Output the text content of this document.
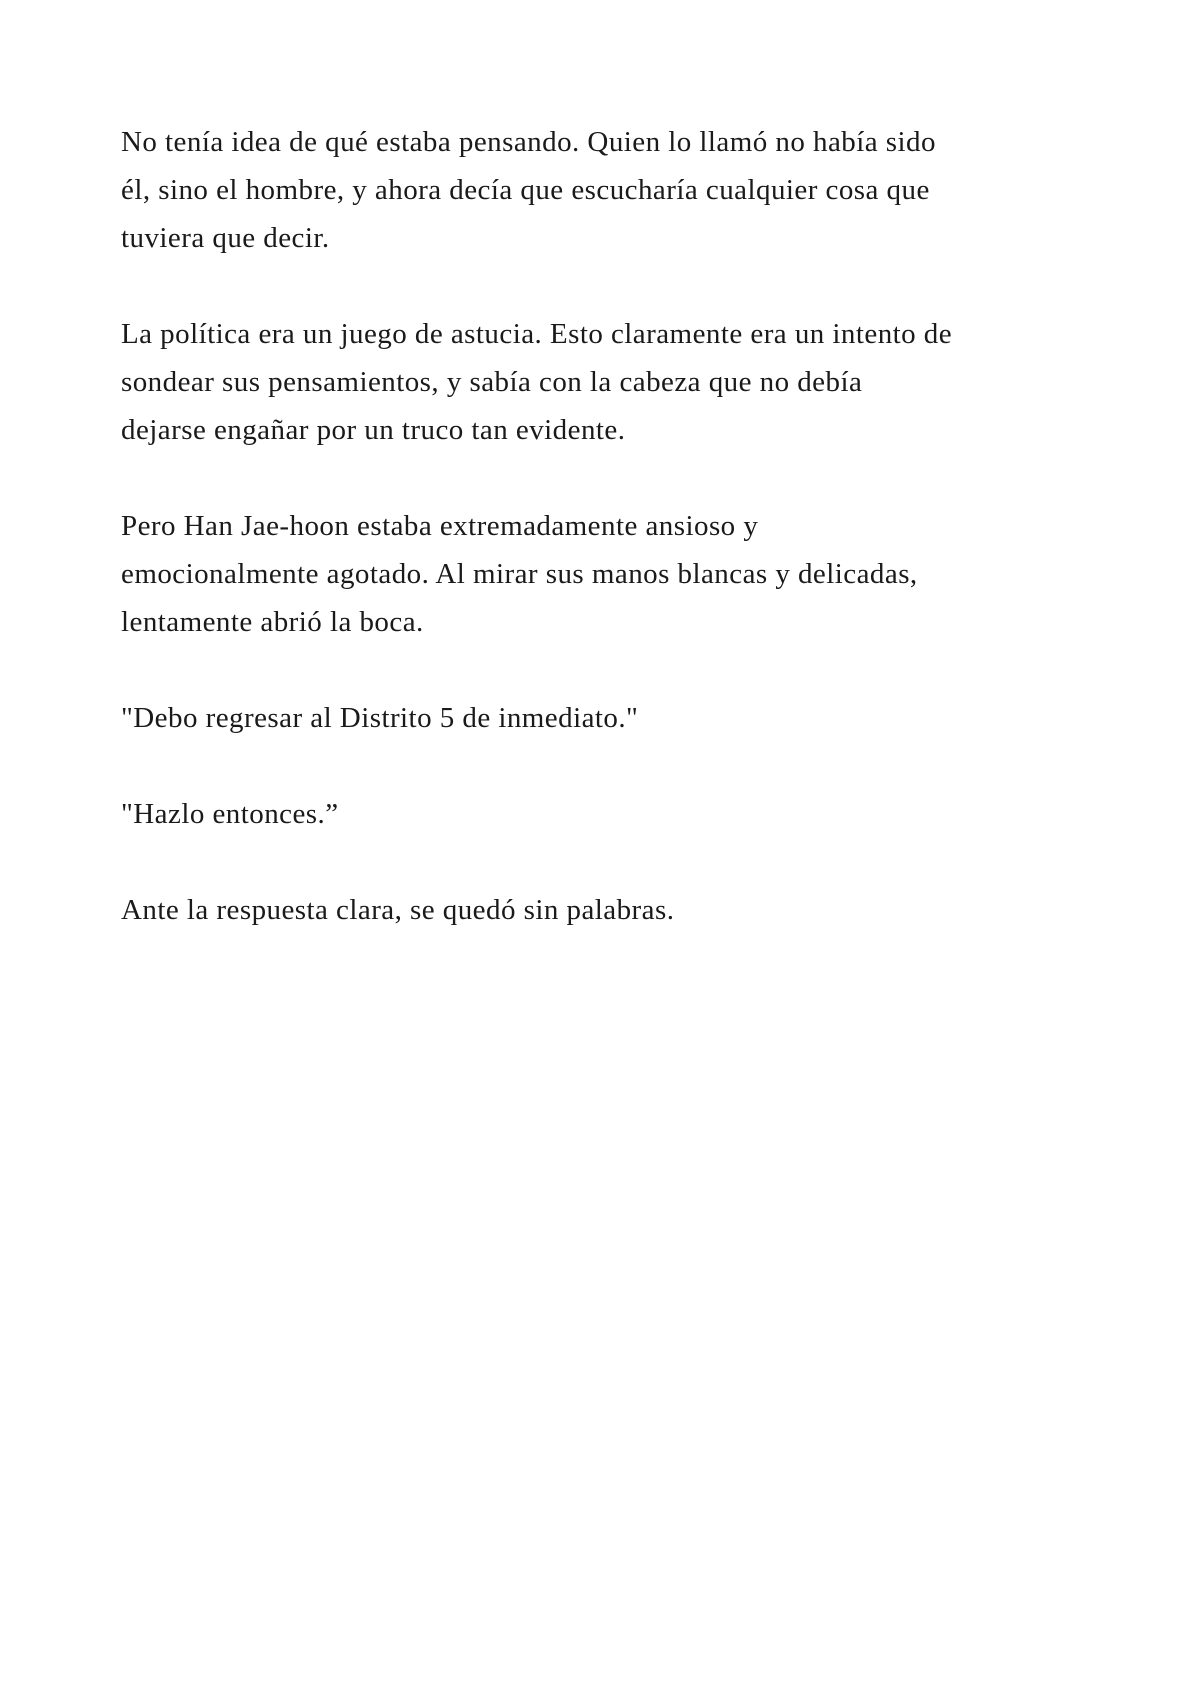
No tenía idea de qué estaba pensando. Quien lo llamó no había sido
él, sino el hombre, y ahora decía que escucharía cualquier cosa que
tuviera que decir.

La política era un juego de astucia. Esto claramente era un intento de
sondear sus pensamientos, y sabía con la cabeza que no debía
dejarse engañar por un truco tan evidente.

Pero Han Jae-hoon estaba extremadamente ansioso y
emocionalmente agotado. Al mirar sus manos blancas y delicadas,
lentamente abrió la boca.

"Debo regresar al Distrito 5 de inmediato."

"Hazlo entonces.”

Ante la respuesta clara, se quedó sin palabras.
